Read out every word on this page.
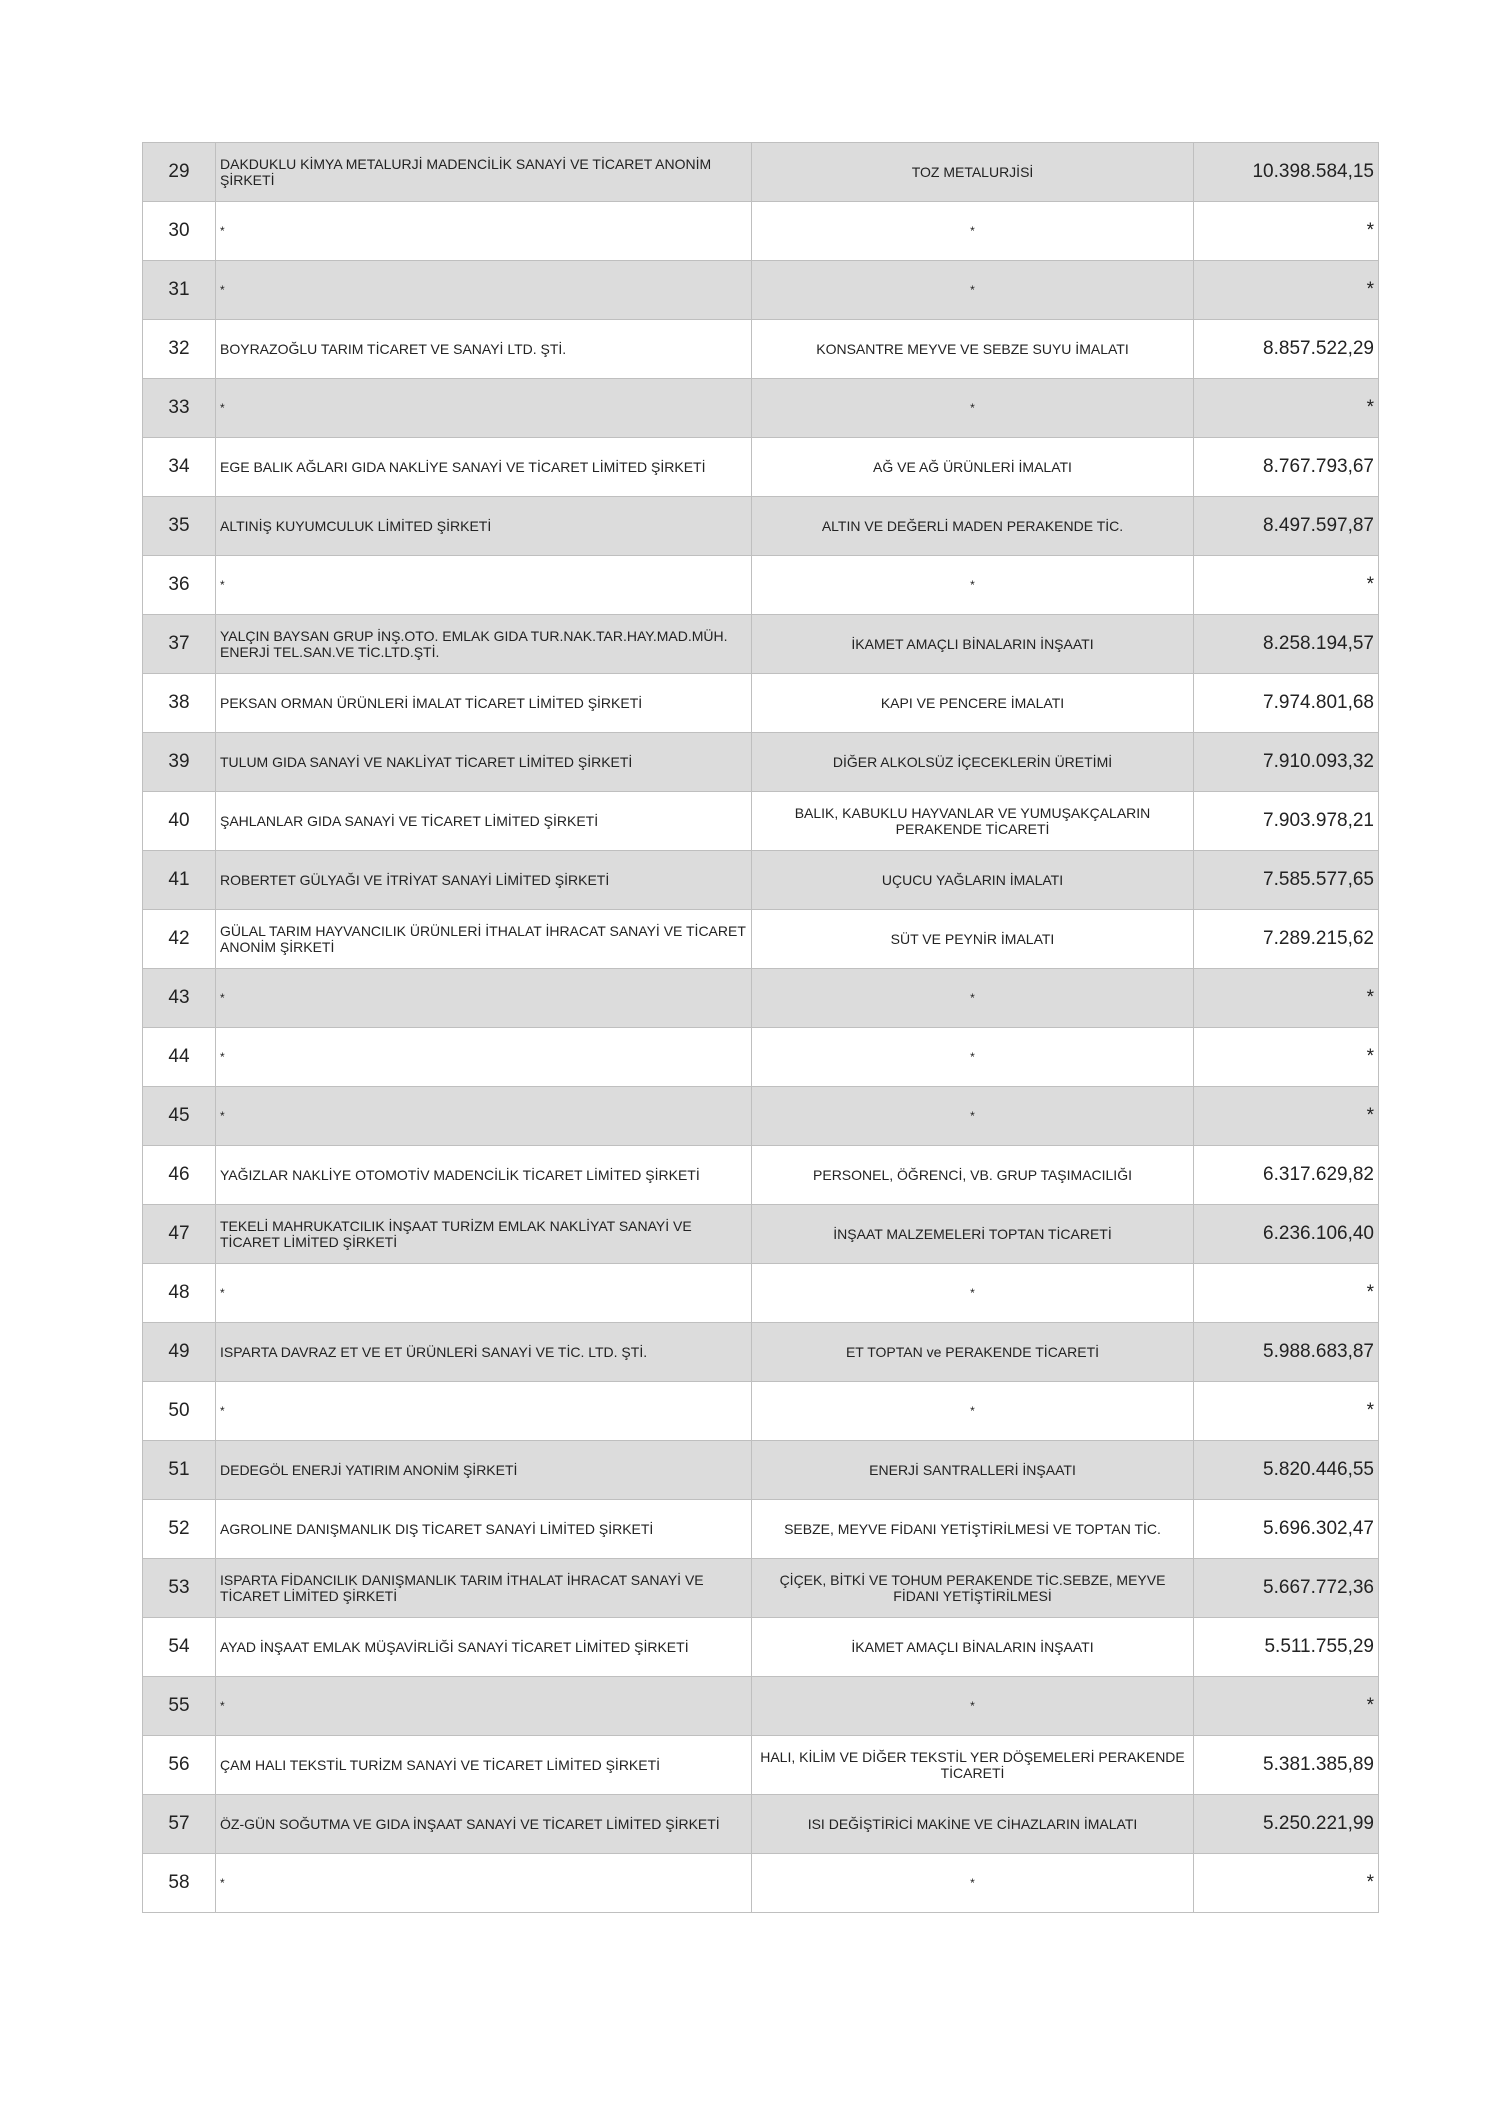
29	DAKDUKLU KİMYA METALURJİ MADENCİLİK SANAYİ VE TİCARET ANONİM ŞİRKETİ	TOZ METALURJİSİ	10.398.584,15
30	*	*	*
31	*	*	*
32	BOYRAZOĞLU TARIM TİCARET VE SANAYİ LTD. ŞTİ.	KONSANTRE MEYVE VE SEBZE SUYU İMALATI	8.857.522,29
33	*	*	*
34	EGE BALIK AĞLARI GIDA NAKLİYE SANAYİ VE TİCARET LİMİTED ŞİRKETİ	AĞ VE AĞ ÜRÜNLERİ İMALATI	8.767.793,67
35	ALTINİŞ KUYUMCULUK LİMİTED ŞİRKETİ	ALTIN VE DEĞERLİ MADEN PERAKENDE TİC.	8.497.597,87
36	*	*	*
37	YALÇIN BAYSAN GRUP İNŞ.OTO. EMLAK GIDA TUR.NAK.TAR.HAY.MAD.MÜH. ENERJİ TEL.SAN.VE TİC.LTD.ŞTİ.	İKAMET AMAÇLI BİNALARIN İNŞAATI	8.258.194,57
38	PEKSAN ORMAN ÜRÜNLERİ İMALAT TİCARET LİMİTED ŞİRKETİ	KAPI VE PENCERE İMALATI	7.974.801,68
39	TULUM GIDA SANAYİ VE NAKLİYAT TİCARET LİMİTED ŞİRKETİ	DİĞER ALKOLSÜZ İÇECEKLERİN ÜRETİMİ	7.910.093,32
40	ŞAHLANLAR GIDA SANAYİ VE TİCARET LİMİTED ŞİRKETİ	BALIK, KABUKLU HAYVANLAR VE YUMUŞAKÇALARIN PERAKENDE TİCARETİ	7.903.978,21
41	ROBERTET GÜLYAĞI VE İTRİYAT SANAYİ LİMİTED ŞİRKETİ	UÇUCU YAĞLARIN İMALATI	7.585.577,65
42	GÜLAL TARIM HAYVANCILIK ÜRÜNLERİ İTHALAT İHRACAT SANAYİ VE TİCARET ANONİM ŞİRKETİ	SÜT VE PEYNİR İMALATI	7.289.215,62
43	*	*	*
44	*	*	*
45	*	*	*
46	YAĞIZLAR NAKLİYE OTOMOTİV MADENCİLİK TİCARET LİMİTED ŞİRKETİ	PERSONEL, ÖĞRENCİ, VB. GRUP TAŞIMACILIĞI	6.317.629,82
47	TEKELİ MAHRUKATCILIK İNŞAAT TURİZM EMLAK NAKLİYAT SANAYİ VE TİCARET LİMİTED ŞİRKETİ	İNŞAAT MALZEMELERİ TOPTAN TİCARETİ	6.236.106,40
48	*	*	*
49	ISPARTA DAVRAZ ET VE ET ÜRÜNLERİ SANAYİ VE TİC. LTD. ŞTİ.	ET TOPTAN ve PERAKENDE TİCARETİ	5.988.683,87
50	*	*	*
51	DEDEGÖL ENERJİ YATIRIM ANONİM ŞİRKETİ	ENERJİ SANTRALLERİ İNŞAATI	5.820.446,55
52	AGROLINE DANIŞMANLIK DIŞ TİCARET SANAYİ LİMİTED ŞİRKETİ	SEBZE, MEYVE FİDANI YETİŞTİRİLMESİ VE TOPTAN TİC.	5.696.302,47
53	ISPARTA FİDANCILIK DANIŞMANLIK TARIM İTHALAT İHRACAT SANAYİ VE TİCARET LİMİTED ŞİRKETİ	ÇİÇEK, BİTKİ VE TOHUM PERAKENDE TİC.SEBZE, MEYVE FİDANI YETİŞTİRİLMESİ	5.667.772,36
54	AYAD İNŞAAT EMLAK MÜŞAVİRLİĞİ SANAYİ TİCARET LİMİTED ŞİRKETİ	İKAMET AMAÇLI BİNALARIN İNŞAATI	5.511.755,29
55	*	*	*
56	ÇAM HALI TEKSTİL TURİZM SANAYİ VE TİCARET LİMİTED ŞİRKETİ	HALI, KİLİM VE DİĞER TEKSTİL YER DÖŞEMELERİ PERAKENDE TİCARETİ	5.381.385,89
57	ÖZ-GÜN SOĞUTMA VE GIDA İNŞAAT SANAYİ VE TİCARET LİMİTED ŞİRKETİ	ISI DEĞİŞTİRİCİ MAKİNE VE CİHAZLARIN İMALATI	5.250.221,99
58	*	*	*
